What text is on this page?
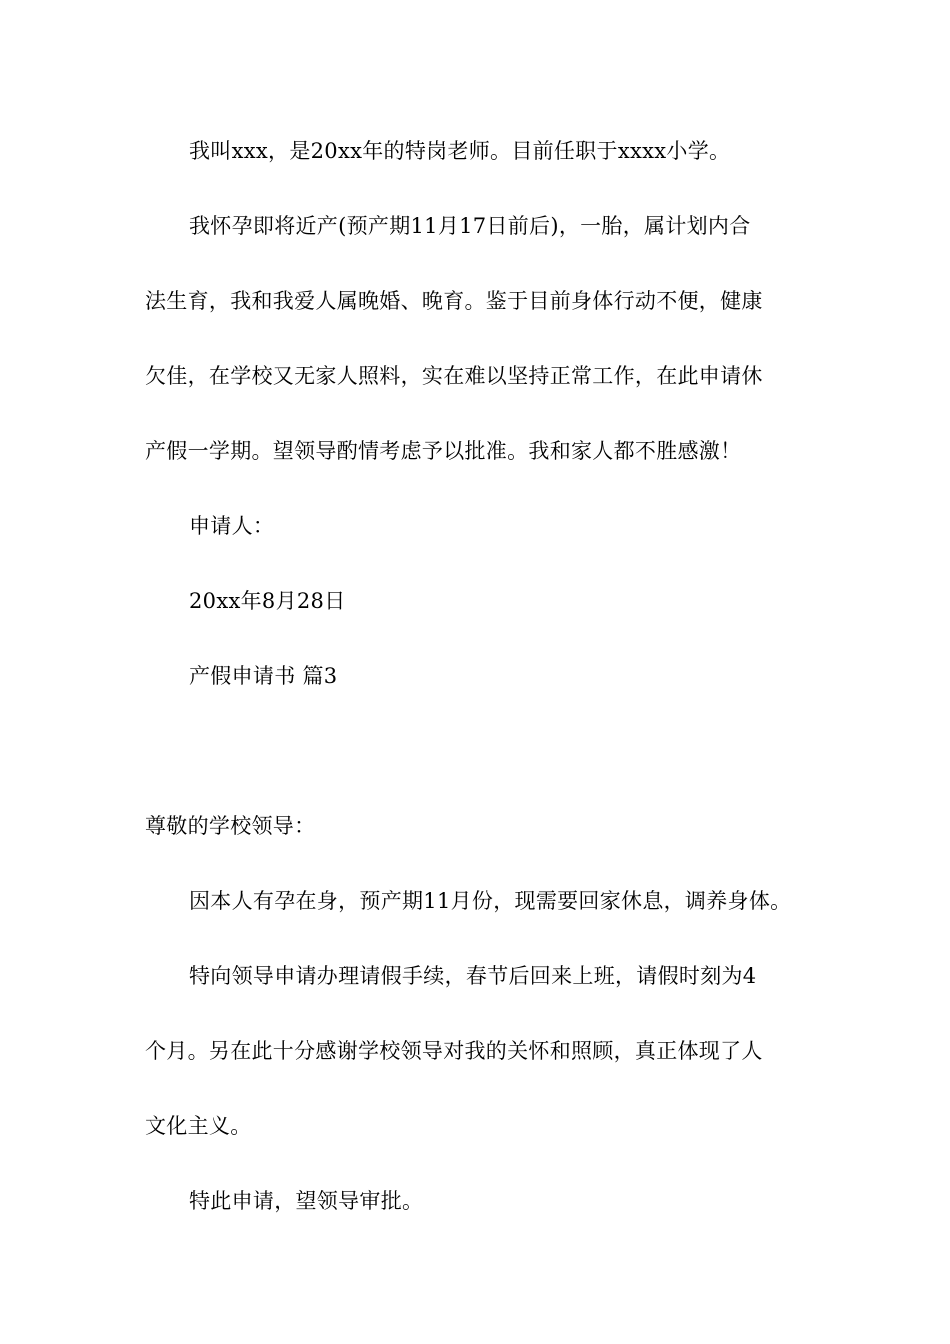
我叫xxx，是20xx年的特岗老师。目前任职于xxxx小学。
我怀孕即将近产(预产期11月17日前后)，一胎，属计划内合
法生育，我和我爱人属晚婚、晚育。鉴于目前身体行动不便，健康
欠佳，在学校又无家人照料，实在难以坚持正常工作，在此申请休
产假一学期。望领导酌情考虑予以批准。我和家人都不胜感激！
申请人：
20xx年8月28日
产假申请书 篇3
尊敬的学校领导：
因本人有孕在身，预产期11月份，现需要回家休息，调养身体。
特向领导申请办理请假手续，春节后回来上班，请假时刻为4
个月。另在此十分感谢学校领导对我的关怀和照顾，真正体现了人
文化主义。
特此申请，望领导审批。
